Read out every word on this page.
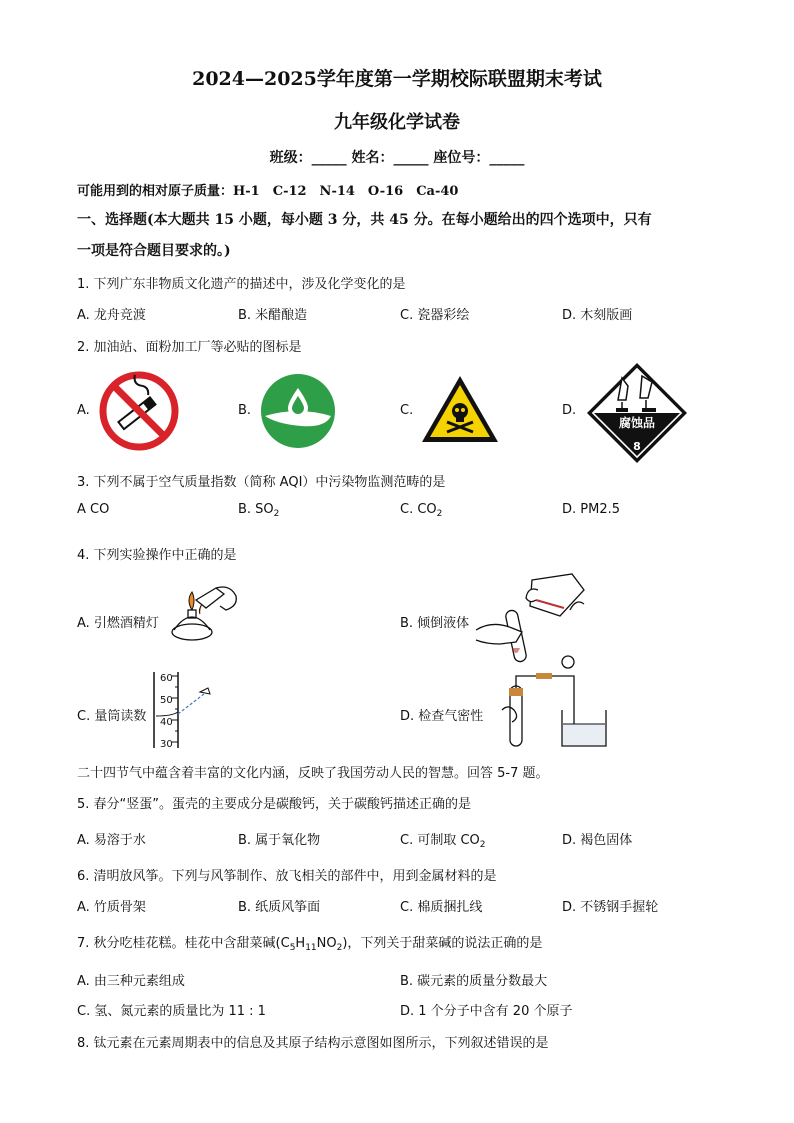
2024—2025学年度第一学期校际联盟期末考试
九年级化学试卷
班级：_____ 姓名：_____ 座位号：_____
可能用到的相对原子质量：H-1　C-12　N-14　O-16　Ca-40
一、选择题(本大题共 15 小题，每小题 3 分，共 45 分。在每小题给出的四个选项中，只有
一项是符合题目要求的。)
1. 下列广东非物质文化遗产的描述中，涉及化学变化的是
A. 龙舟竞渡	B. 米醋酿造	C. 瓷器彩绘	D. 木刻版画
2. 加油站、面粉加工厂等必贴的图标是
A.	B.	C.	D.
腐蚀品
8
3. 下列不属于空气质量指数（简称 AQI）中污染物监测范畴的是
A CO	B. $SO_2$	C. $CO_2$	D. PM2.5
4. 下列实验操作中正确的是
A. 引燃酒精灯	B. 倾倒液体
C. 量筒读数	D. 检查气密性
60
50
40
30
二十四节气中蕴含着丰富的文化内涵，反映了我国劳动人民的智慧。回答 5-7 题。
5. 春分“竖蛋”。蛋壳的主要成分是碳酸钙，关于碳酸钙描述正确的是
A. 易溶于水	B. 属于氧化物	C. 可制取 $CO_2$	D. 褐色固体
6. 清明放风筝。下列与风筝制作、放飞相关的部件中，用到金属材料的是
A. 竹质骨架	B. 纸质风筝面	C. 棉质捆扎线	D. 不锈钢手握轮
7. 秋分吃桂花糕。桂花中含甜菜碱$(C_5H_{11}NO_2)$，下列关于甜菜碱的说法正确的是
A. 由三种元素组成	B. 碳元素的质量分数最大
C. 氢、氮元素的质量比为 11 : 1	D. 1 个分子中含有 20 个原子
8. 钛元素在元素周期表中的信息及其原子结构示意图如图所示，下列叙述错误的是
